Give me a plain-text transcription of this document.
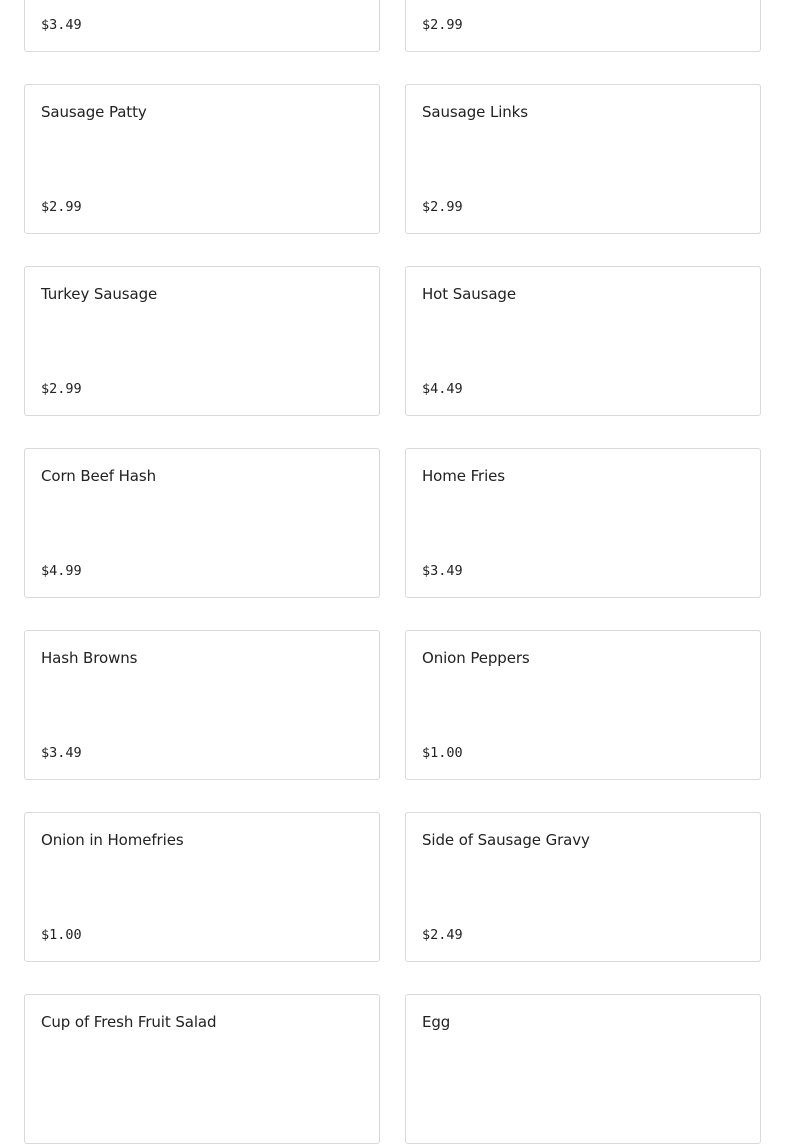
$3.49	$2.99
Sausage Patty
$2.99
Sausage Links
$2.99
Turkey Sausage
$2.99
Hot Sausage
$4.49
Corn Beef Hash
$4.99
Home Fries
$3.49
Hash Browns
$3.49
Onion Peppers
$1.00
Onion in Homefries
$1.00
Side of Sausage Gravy
$2.49
Cup of Fresh Fruit Salad	Egg
